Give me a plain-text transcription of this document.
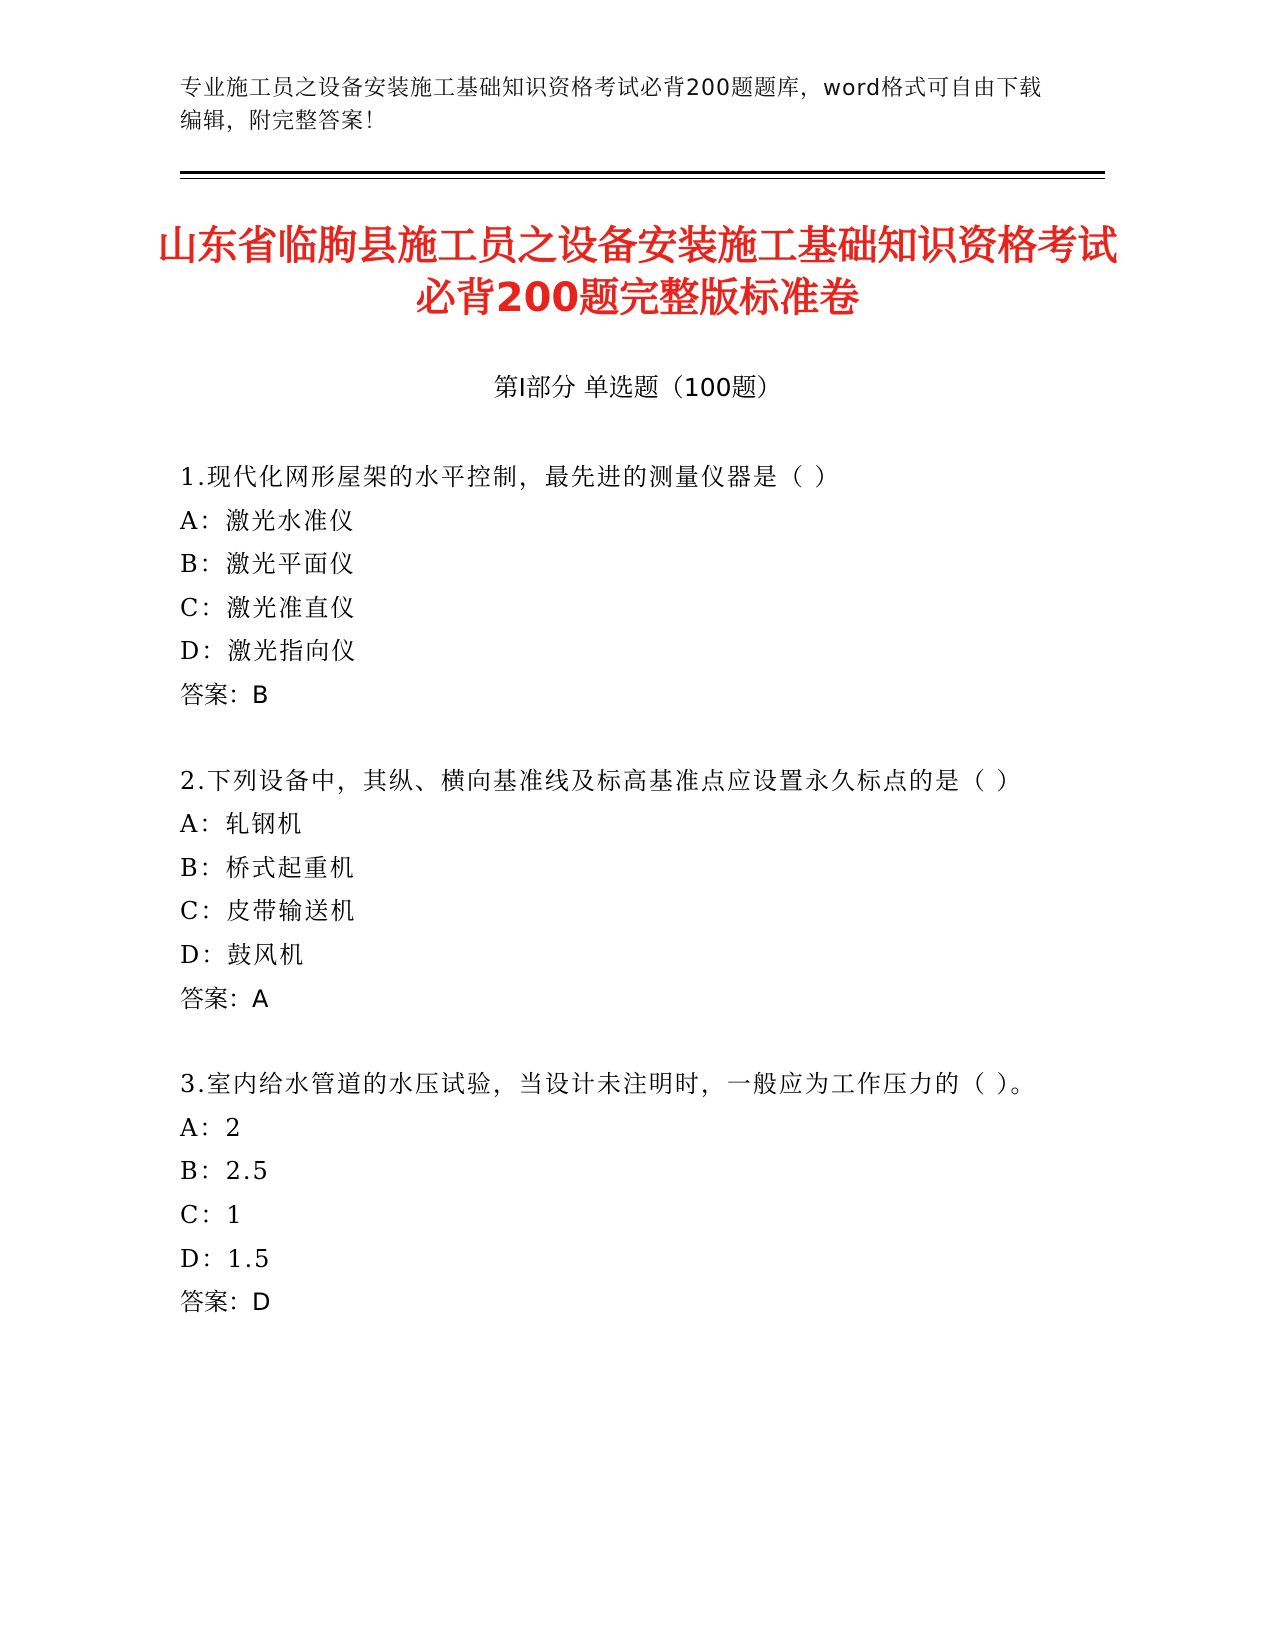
专业施工员之设备安装施工基础知识资格考试必背200题题库，word格式可自由下载编辑，附完整答案！
山东省临朐县施工员之设备安装施工基础知识资格考试必背200题完整版标准卷
第Ⅰ部分 单选题（100题）
1.现代化网形屋架的水平控制，最先进的测量仪器是（ ）
A：激光水准仪
B：激光平面仪
C：激光准直仪
D：激光指向仪
答案：B
2.下列设备中，其纵、横向基准线及标高基准点应设置永久标点的是（ ）
A：轧钢机
B：桥式起重机
C：皮带输送机
D：鼓风机
答案：A
3.室内给水管道的水压试验，当设计未注明时，一般应为工作压力的（ ）。
A：2
B：2.5
C：1
D：1.5
答案：D
